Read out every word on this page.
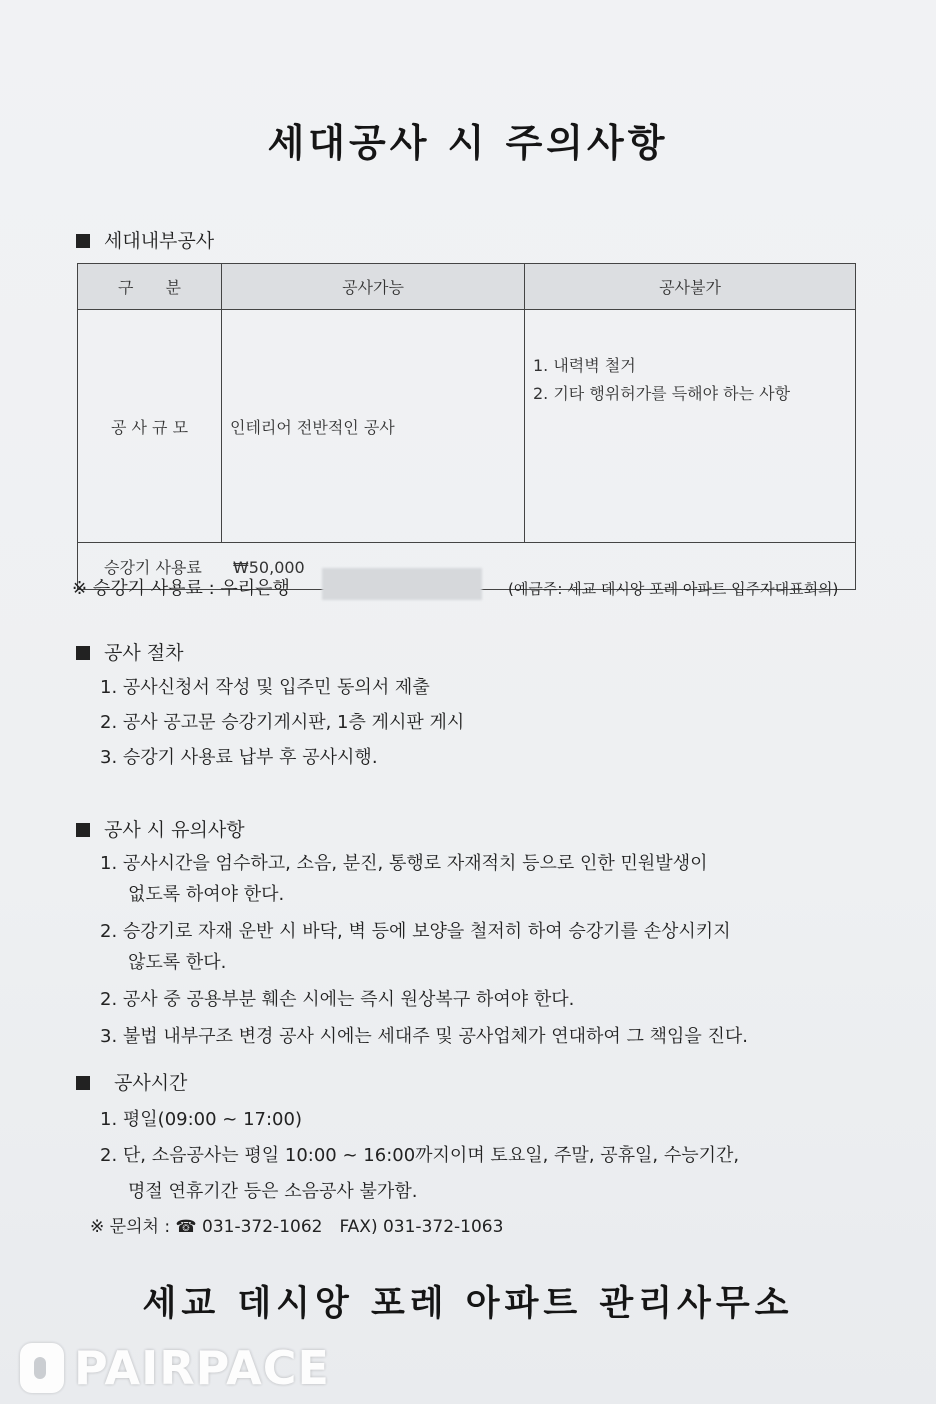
세대공사 시 주의사항
세대내부공사
구　　분	공사가능	공사불가
공 사 규 모	인테리어 전반적인 공사	1. 내력벽 철거
2. 기타 행위허가를 득해야 하는 사항

승강기 사용료 ₩50,000		
※ 승강기 사용료 : 우리은행	(예금주: 세교 데시앙 포레 아파트 입주자대표회의)
공사 절차
1. 공사신청서 작성 및 입주민 동의서 제출
2. 공사 공고문 승강기게시판, 1층 게시판 게시
3. 승강기 사용료 납부 후 공사시행.
공사 시 유의사항
1. 공사시간을 엄수하고, 소음, 분진, 통행로 자재적치 등으로 인한 민원발생이
없도록 하여야 한다.
2. 승강기로 자재 운반 시 바닥, 벽 등에 보양을 철저히 하여 승강기를 손상시키지
않도록 한다.
2. 공사 중 공용부분 훼손 시에는 즉시 원상복구 하여야 한다.
3. 불법 내부구조 변경 공사 시에는 세대주 및 공사업체가 연대하여 그 책임을 진다.
공사시간
1. 평일(09:00 ~ 17:00)
2. 단, 소음공사는 평일 10:00 ~ 16:00까지이며 토요일, 주말, 공휴일, 수능기간,
명절 연휴기간 등은 소음공사 불가함.
※ 문의처 : ☎ 031-372-1062　FAX) 031-372-1063
세교 데시앙 포레 아파트 관리사무소
PAIRPACE
